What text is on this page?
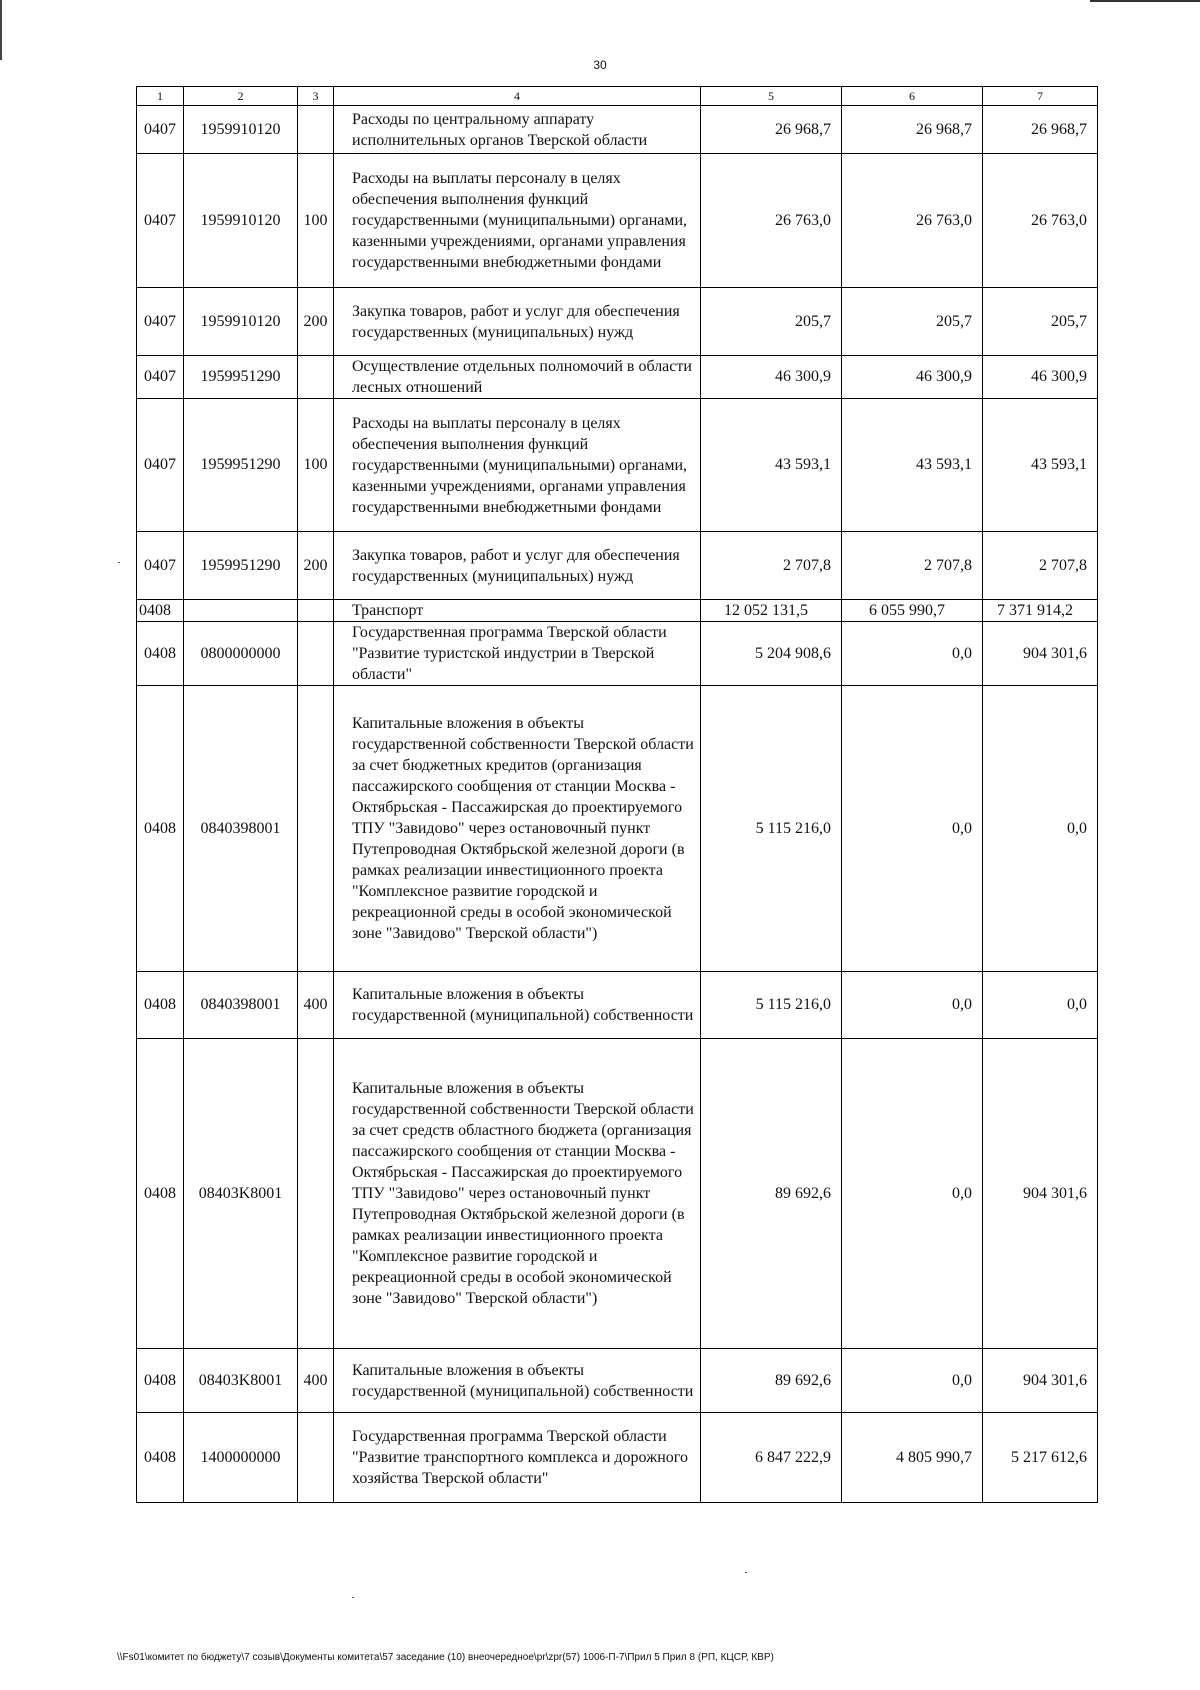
30
1	2	3	4	5	6	7
0407	1959910120		Расходы по центральному аппарату исполнительных органов Тверской области	26 968,7	26 968,7	26 968,7
0407	1959910120	100	Расходы на выплаты персоналу в целях обеспечения выполнения функций государственными (муниципальными) органами, казенными учреждениями, органами управления государственными внебюджетными фондами	26 763,0	26 763,0	26 763,0
0407	1959910120	200	Закупка товаров, работ и услуг для обеспечения государственных (муниципальных) нужд	205,7	205,7	205,7
0407	1959951290		Осуществление отдельных полномочий в области лесных отношений	46 300,9	46 300,9	46 300,9
0407	1959951290	100	Расходы на выплаты персоналу в целях обеспечения выполнения функций государственными (муниципальными) органами, казенными учреждениями, органами управления государственными внебюджетными фондами	43 593,1	43 593,1	43 593,1
0407	1959951290	200	Закупка товаров, работ и услуг для обеспечения государственных (муниципальных) нужд	2 707,8	2 707,8	2 707,8
0408			Транспорт	12 052 131,5	6 055 990,7	7 371 914,2
0408	0800000000		Государственная программа Тверской области "Развитие туристской индустрии в Тверской области"	5 204 908,6	0,0	904 301,6
0408	0840398001		Капитальные вложения в объекты государственной собственности Тверской области за счет бюджетных кредитов (организация пассажирского сообщения от станции Москва - Октябрьская - Пассажирская до проектируемого ТПУ "Завидово" через остановочный пункт Путепроводная Октябрьской железной дороги (в рамках реализации инвестиционного проекта "Комплексное развитие городской и рекреационной среды в особой экономической зоне "Завидово" Тверской области")	5 115 216,0	0,0	0,0
0408	0840398001	400	Капитальные вложения в объекты государственной (муниципальной) собственности	5 115 216,0	0,0	0,0
0408	08403K8001		Капитальные вложения в объекты государственной собственности Тверской области за счет средств областного бюджета (организация пассажирского сообщения от станции Москва - Октябрьская - Пассажирская до проектируемого ТПУ "Завидово" через остановочный пункт Путепроводная Октябрьской железной дороги (в рамках реализации инвестиционного проекта "Комплексное развитие городской и рекреационной среды в особой экономической зоне "Завидово" Тверской области")	89 692,6	0,0	904 301,6
0408	08403K8001	400	Капитальные вложения в объекты государственной (муниципальной) собственности	89 692,6	0,0	904 301,6
0408	1400000000		Государственная программа Тверской области "Развитие транспортного комплекса и дорожного хозяйства Тверской области"	6 847 222,9	4 805 990,7	5 217 612,6
\\Fs01\комитет по бюджету\7 созыв\Документы комитета\57 заседание (10) внеочередное\pr\zpr(57) 1006-П-7\Прил 5 Прил 8 (РП, КЦСР, КВР)
